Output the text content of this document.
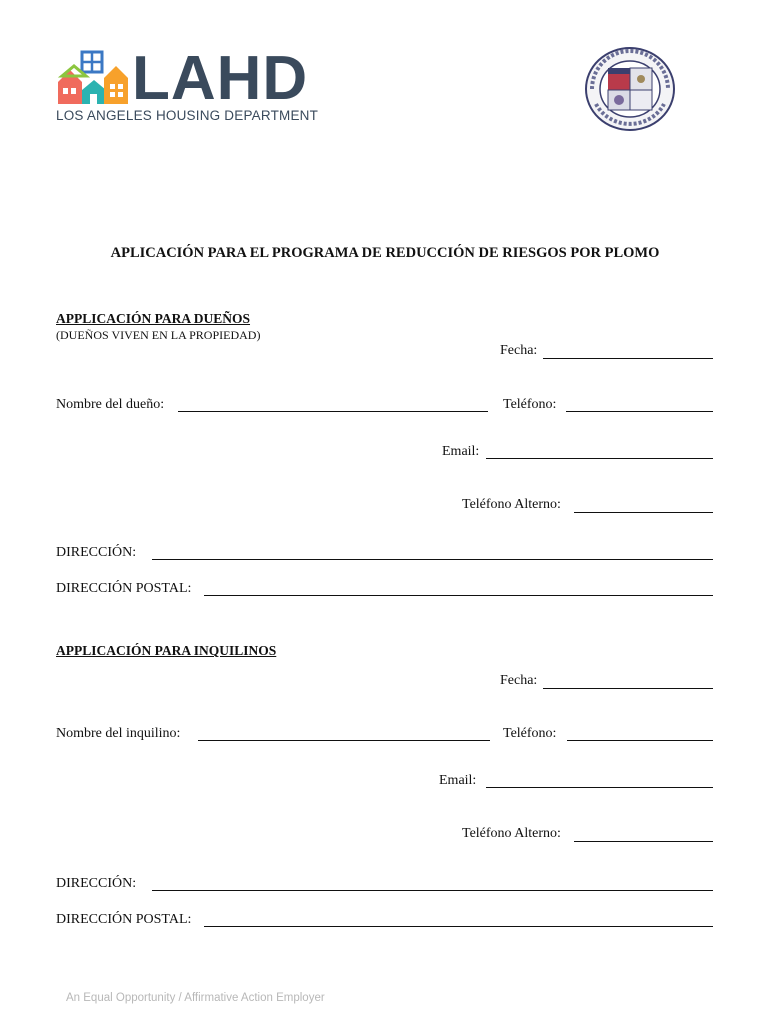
LAHD
LOS ANGELES HOUSING DEPARTMENT
APLICACIÓN PARA EL PROGRAMA DE REDUCCIÓN DE RIESGOS POR PLOMO
APPLICACIÓN PARA DUEÑOS
(DUEÑOS VIVEN EN LA PROPIEDAD)
Fecha:
Nombre del dueño:	Teléfono:
Email:
Teléfono Alterno:
DIRECCIÓN:
DIRECCIÓN POSTAL:
APPLICACIÓN PARA INQUILINOS
Fecha:
Nombre del inquilino:	Teléfono:
Email:
Teléfono Alterno:
DIRECCIÓN:
DIRECCIÓN POSTAL:
An Equal Opportunity / Affirmative Action Employer
